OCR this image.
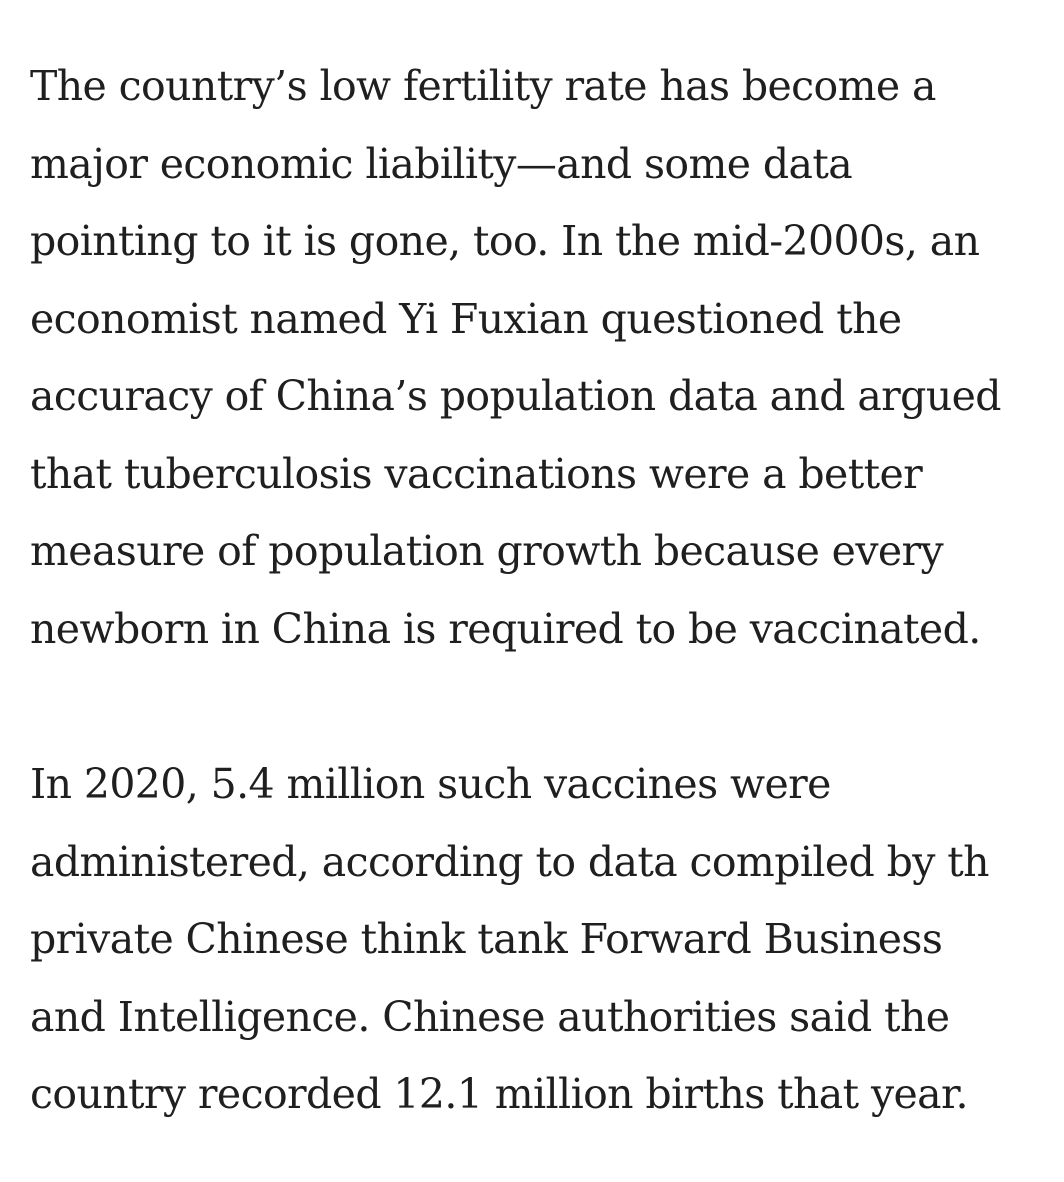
The country’s low fertility rate has become a
major economic liability—and some data
pointing to it is gone, too. In the mid-2000s, an
economist named Yi Fuxian questioned the
accuracy of China’s population data and argued
that tuberculosis vaccinations were a better
measure of population growth because every
newborn in China is required to be vaccinated.

In 2020, 5.4 million such vaccines were
administered, according to data compiled by th
private Chinese think tank Forward Business
and Intelligence. Chinese authorities said the
country recorded 12.1 million births that year.
